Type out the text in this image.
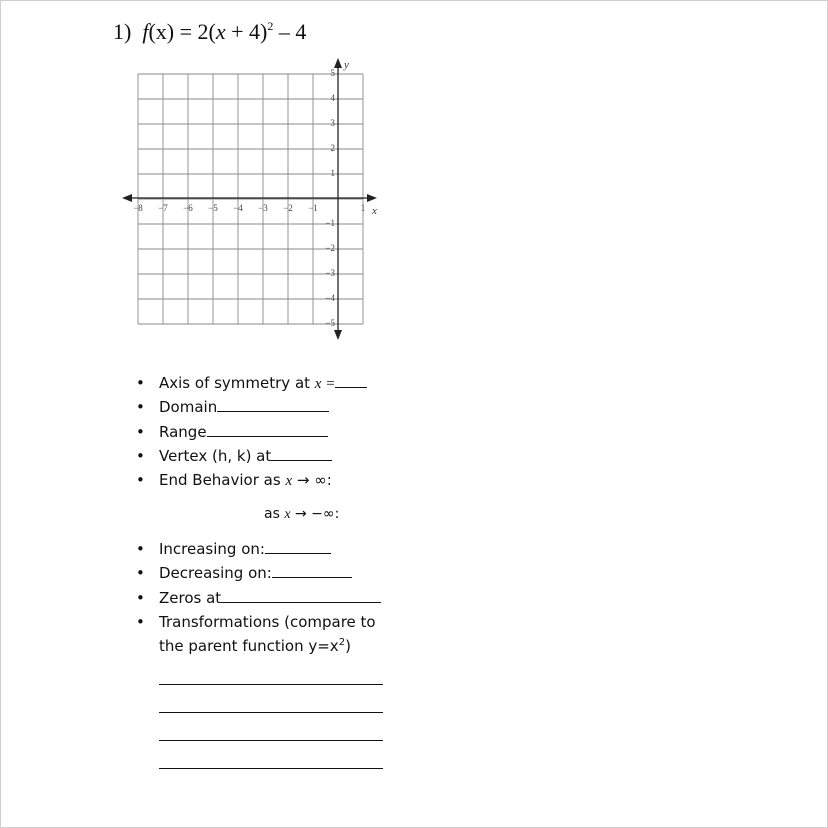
1) $f(x) = 2(x + 4)^2 - 4$
x
y
−8 −7 −6 −5 −4 −3 −2 −1	1
5
4
3
2
1
−1
−2
−3
−4
−5
• Axis of symmetry at x =
• Domain
• Range
• Vertex (h, k) at
• End Behavior as x → ∞:
as x → −∞:
• Increasing on:
• Decreasing on:
• Zeros at
• Transformations (compare to
the parent function $y=x^2$)
